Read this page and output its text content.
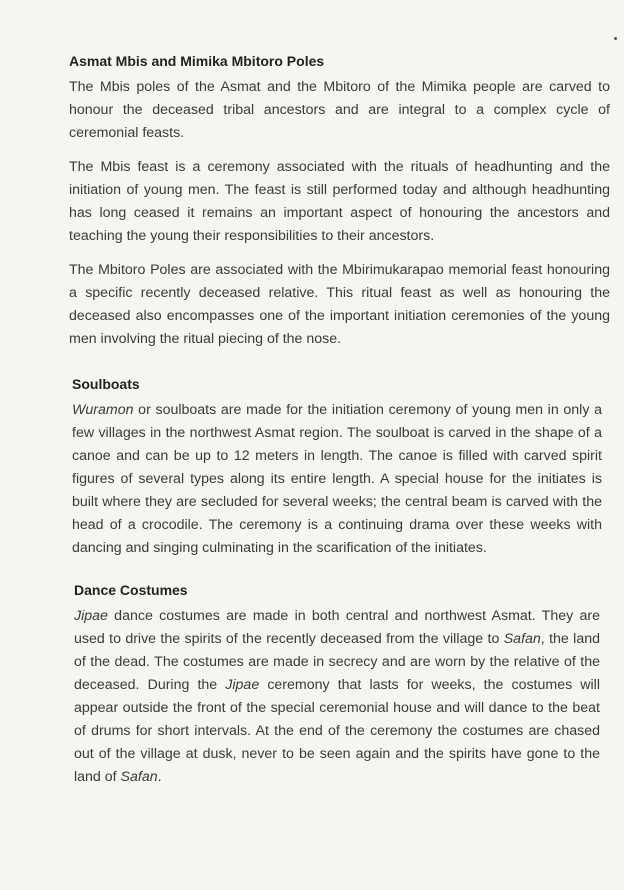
Asmat Mbis and Mimika Mbitoro Poles

The Mbis poles of the Asmat and the Mbitoro of the Mimika people are carved to honour the deceased tribal ancestors and are integral to a complex cycle of ceremonial feasts.

The Mbis feast is a ceremony associated with the rituals of headhunting and the initiation of young men. The feast is still performed today and although headhunting has long ceased it remains an important aspect of honouring the ancestors and teaching the young their responsibilities to their ancestors.

The Mbitoro Poles are associated with the Mbirimukarapao memorial feast honouring a specific recently deceased relative. This ritual feast as well as honouring the deceased also encompasses one of the important initiation ceremonies of the young men involving the ritual piecing of the nose.

Soulboats

Wuramon or soulboats are made for the initiation ceremony of young men in only a few villages in the northwest Asmat region. The soulboat is carved in the shape of a canoe and can be up to 12 meters in length. The canoe is filled with carved spirit figures of several types along its entire length. A special house for the initiates is built where they are secluded for several weeks; the central beam is carved with the head of a crocodile. The ceremony is a continuing drama over these weeks with dancing and singing culminating in the scarification of the initiates.

Dance Costumes

Jipae dance costumes are made in both central and northwest Asmat. They are used to drive the spirits of the recently deceased from the village to Safan, the land of the dead. The costumes are made in secrecy and are worn by the relative of the deceased. During the Jipae ceremony that lasts for weeks, the costumes will appear outside the front of the special ceremonial house and will dance to the beat of drums for short intervals. At the end of the ceremony the costumes are chased out of the village at dusk, never to be seen again and the spirits have gone to the land of Safan.
